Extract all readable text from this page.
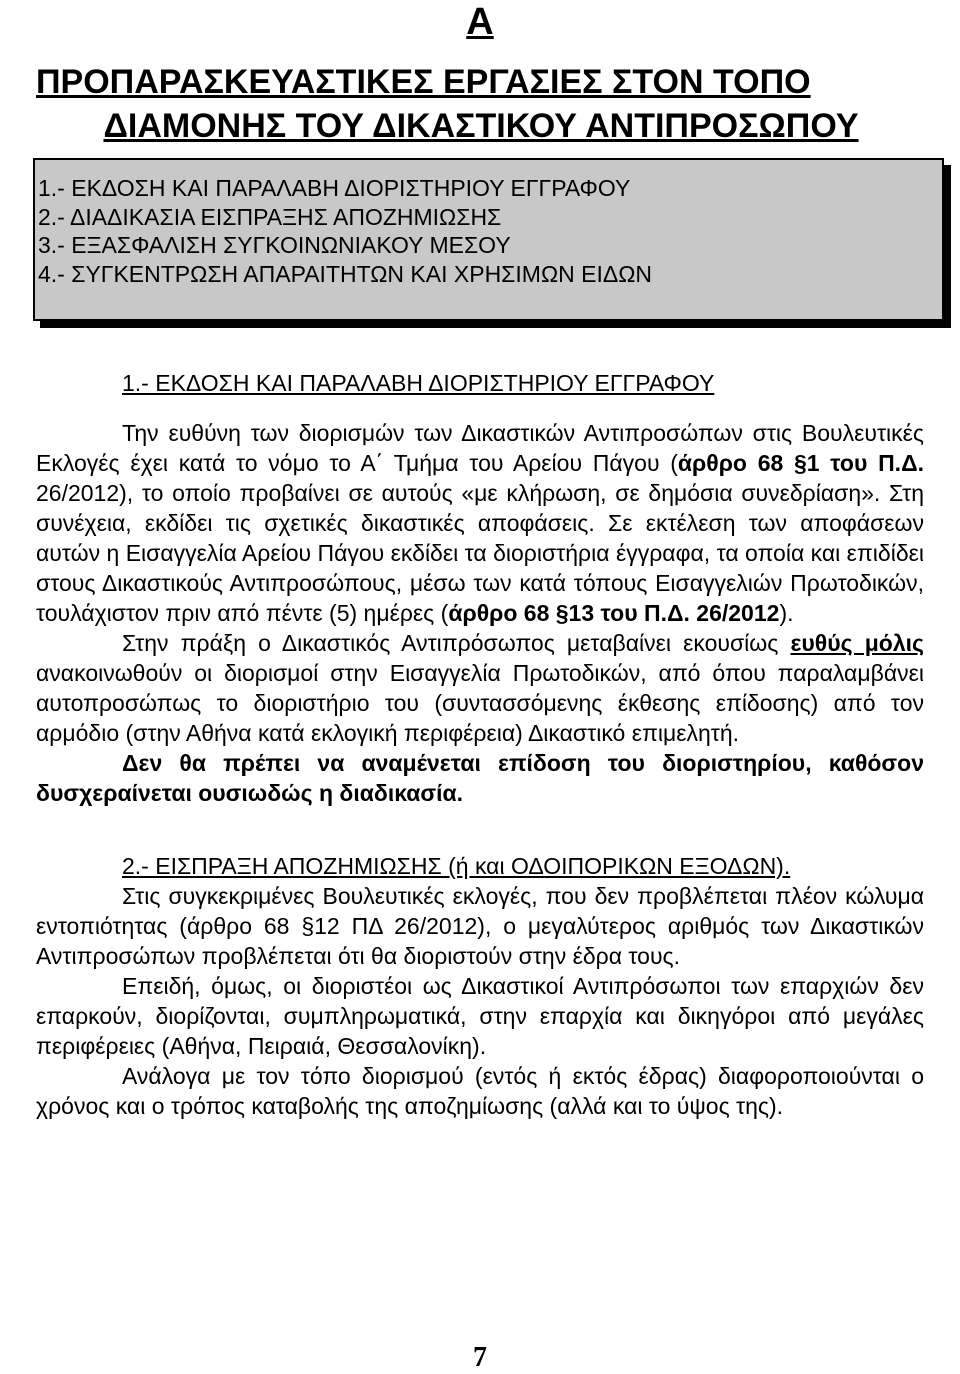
Α
ΠΡΟΠΑΡΑΣΚΕΥΑΣΤΙΚΕΣ ΕΡΓΑΣΙΕΣ ΣΤΟΝ ΤΟΠΟ
ΔΙΑΜΟΝΗΣ ΤΟΥ ΔΙΚΑΣΤΙΚΟΥ ΑΝΤΙΠΡΟΣΩΠΟΥ
1.- ΕΚΔΟΣΗ ΚΑΙ ΠΑΡΑΛΑΒΗ ΔΙΟΡΙΣΤΗΡΙΟΥ ΕΓΓΡΑΦΟΥ
2.- ΔΙΑΔΙΚΑΣΙΑ ΕΙΣΠΡΑΞΗΣ ΑΠΟΖΗΜΙΩΣΗΣ
3.- ΕΞΑΣΦΑΛΙΣΗ ΣΥΓΚΟΙΝΩΝΙΑΚΟΥ ΜΕΣΟΥ
4.- ΣΥΓΚΕΝΤΡΩΣΗ ΑΠΑΡΑΙΤΗΤΩΝ ΚΑΙ ΧΡΗΣΙΜΩΝ ΕΙΔΩΝ
1.- ΕΚΔΟΣΗ ΚΑΙ ΠΑΡΑΛΑΒΗ ΔΙΟΡΙΣΤΗΡΙΟΥ ΕΓΓΡΑΦΟΥ

Την ευθύνη των διορισμών των Δικαστικών Αντιπροσώπων στις Βουλευτικές Εκλογές έχει κατά το νόμο το Α΄ Τμήμα του Αρείου Πάγου (άρθρο 68 §1 του Π.Δ. 26/2012), το οποίο προβαίνει σε αυτούς «με κλήρωση, σε δημόσια συνεδρίαση». Στη συνέχεια, εκδίδει τις σχετικές δικαστικές αποφάσεις. Σε εκτέλεση των αποφάσεων αυτών η Εισαγγελία Αρείου Πάγου εκδίδει τα διοριστήρια έγγραφα, τα οποία και επιδίδει στους Δικαστικούς Αντιπροσώπους, μέσω των κατά τόπους Εισαγγελιών Πρωτοδικών, τουλάχιστον πριν από πέντε (5) ημέρες (άρθρο 68 §13 του Π.Δ. 26/2012).

Στην πράξη ο Δικαστικός Αντιπρόσωπος μεταβαίνει εκουσίως ευθύς μόλις ανακοινωθούν οι διορισμοί στην Εισαγγελία Πρωτοδικών, από όπου παραλαμβάνει αυτοπροσώπως το διοριστήριο του (συντασσόμενης έκθεσης επίδοσης) από τον αρμόδιο (στην Αθήνα κατά εκλογική περιφέρεια) Δικαστικό επιμελητή.

Δεν θα πρέπει να αναμένεται επίδοση του διοριστηρίου, καθόσον δυσχεραίνεται ουσιωδώς η διαδικασία.

2.- ΕΙΣΠΡΑΞΗ ΑΠΟΖΗΜΙΩΣΗΣ (ή και ΟΔΟΙΠΟΡΙΚΩΝ ΕΞΟΔΩΝ).

Στις συγκεκριμένες Βουλευτικές εκλογές, που δεν προβλέπεται πλέον κώλυμα εντοπιότητας (άρθρο 68 §12 ΠΔ 26/2012), ο μεγαλύτερος αριθμός των Δικαστικών Αντιπροσώπων προβλέπεται ότι θα διοριστούν στην έδρα τους.

Επειδή, όμως, οι διοριστέοι ως Δικαστικοί Αντιπρόσωποι των επαρχιών δεν επαρκούν, διορίζονται, συμπληρωματικά, στην επαρχία και δικηγόροι από μεγάλες περιφέρειες (Αθήνα, Πειραιά, Θεσσαλονίκη).

Ανάλογα με τον τόπο διορισμού (εντός ή εκτός έδρας) διαφοροποιούνται ο χρόνος και ο τρόπος καταβολής της αποζημίωσης (αλλά και το ύψος της).

7
